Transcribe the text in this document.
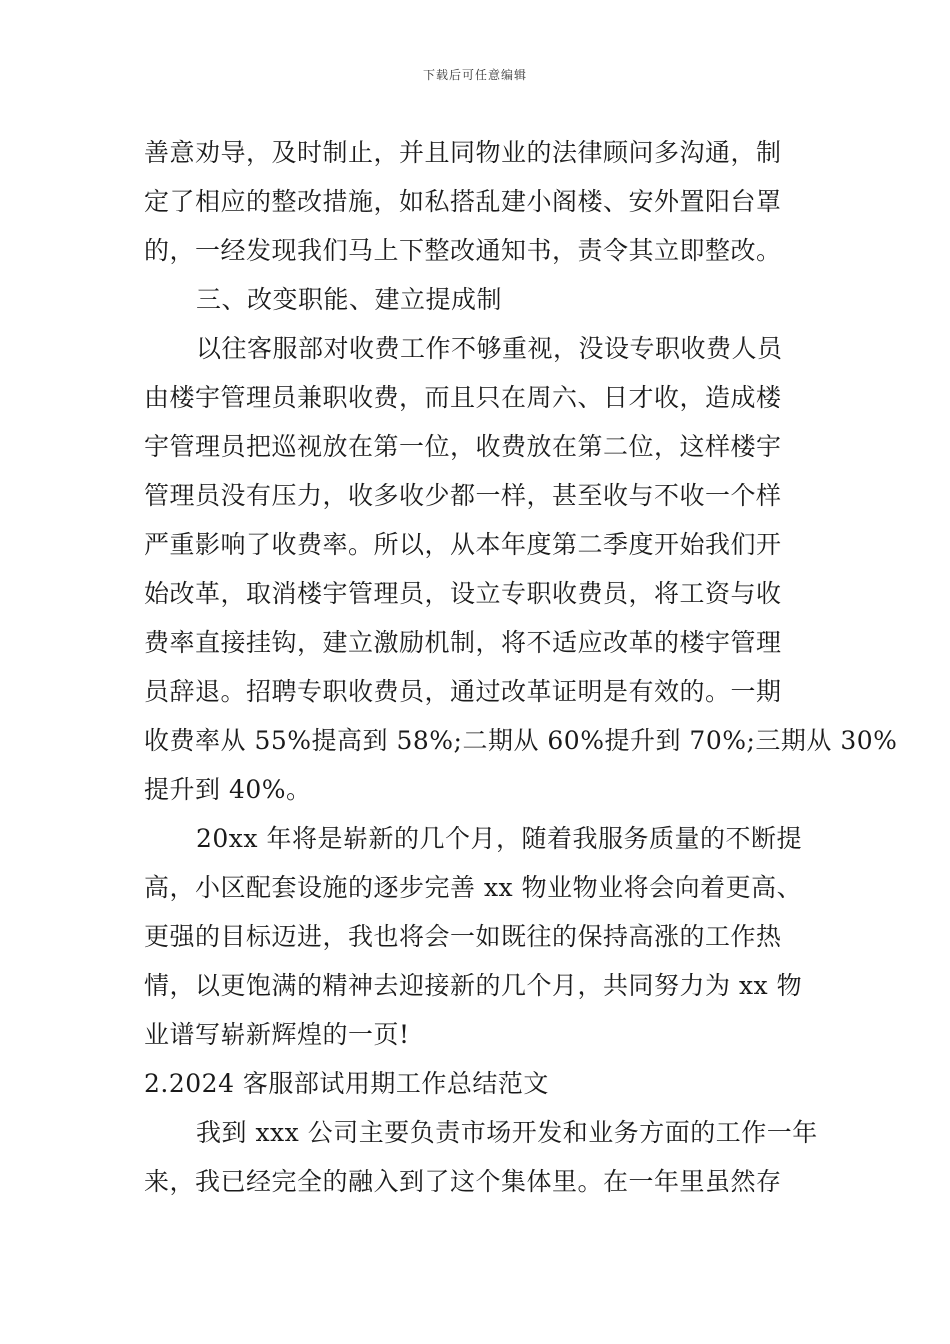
下载后可任意编辑
善意劝导，及时制止，并且同物业的法律顾问多沟通，制
定了相应的整改措施，如私搭乱建小阁楼、安外置阳台罩
的，一经发现我们马上下整改通知书，责令其立即整改。
三、改变职能、建立提成制
以往客服部对收费工作不够重视，没设专职收费人员
由楼宇管理员兼职收费，而且只在周六、日才收，造成楼
宇管理员把巡视放在第一位，收费放在第二位，这样楼宇
管理员没有压力，收多收少都一样，甚至收与不收一个样
严重影响了收费率。所以，从本年度第二季度开始我们开
始改革，取消楼宇管理员，设立专职收费员，将工资与收
费率直接挂钩，建立激励机制，将不适应改革的楼宇管理
员辞退。招聘专职收费员，通过改革证明是有效的。一期
收费率从 55%提高到 58%;二期从 60%提升到 70%;三期从 30%
提升到 40%。
20xx 年将是崭新的几个月，随着我服务质量的不断提
高，小区配套设施的逐步完善 xx 物业物业将会向着更高、
更强的目标迈进，我也将会一如既往的保持高涨的工作热
情，以更饱满的精神去迎接新的几个月，共同努力为 xx 物
业谱写崭新辉煌的一页!
2.2024 客服部试用期工作总结范文
我到 xxx 公司主要负责市场开发和业务方面的工作一年
来，我已经完全的融入到了这个集体里。在一年里虽然存
